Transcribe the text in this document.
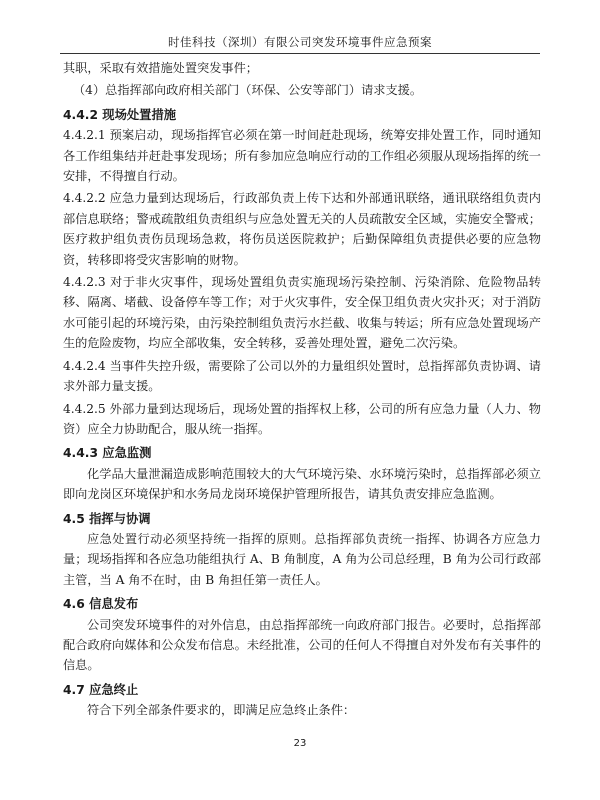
时佳科技（深圳）有限公司突发环境事件应急预案

其职，采取有效措施处置突发事件；

（4）总指挥部向政府相关部门（环保、公安等部门）请求支援。

4.4.2 现场处置措施

4.4.2.1 预案启动，现场指挥官必须在第一时间赶赴现场，统筹安排处置工作，同时通知各工作组集结并赶赴事发现场；所有参加应急响应行动的工作组必须服从现场指挥的统一安排，不得擅自行动。

4.4.2.2 应急力量到达现场后，行政部负责上传下达和外部通讯联络，通讯联络组负责内部信息联络；警戒疏散组负责组织与应急处置无关的人员疏散安全区域，实施安全警戒；医疗救护组负责伤员现场急救，将伤员送医院救护；后勤保障组负责提供必要的应急物资，转移即将受灾害影响的财物。

4.4.2.3 对于非火灾事件，现场处置组负责实施现场污染控制、污染消除、危险物品转移、隔离、堵截、设备停车等工作；对于火灾事件，安全保卫组负责火灾扑灭；对于消防水可能引起的环境污染，由污染控制组负责污水拦截、收集与转运；所有应急处置现场产生的危险废物，均应全部收集，安全转移，妥善处理处置，避免二次污染。

4.4.2.4 当事件失控升级，需要除了公司以外的力量组织处置时，总指挥部负责协调、请求外部力量支援。

4.4.2.5 外部力量到达现场后，现场处置的指挥权上移，公司的所有应急力量（人力、物资）应全力协助配合，服从统一指挥。

4.4.3 应急监测

化学品大量泄漏造成影响范围较大的大气环境污染、水环境污染时，总指挥部必须立即向龙岗区环境保护和水务局龙岗环境保护管理所报告，请其负责安排应急监测。

4.5 指挥与协调

应急处置行动必须坚持统一指挥的原则。总指挥部负责统一指挥、协调各方应急力量；现场指挥和各应急功能组执行 A、B 角制度，A 角为公司总经理，B 角为公司行政部主管，当 A 角不在时，由 B 角担任第一责任人。

4.6 信息发布

公司突发环境事件的对外信息，由总指挥部统一向政府部门报告。必要时，总指挥部配合政府向媒体和公众发布信息。未经批准，公司的任何人不得擅自对外发布有关事件的信息。

4.7 应急终止

符合下列全部条件要求的，即满足应急终止条件：

23
